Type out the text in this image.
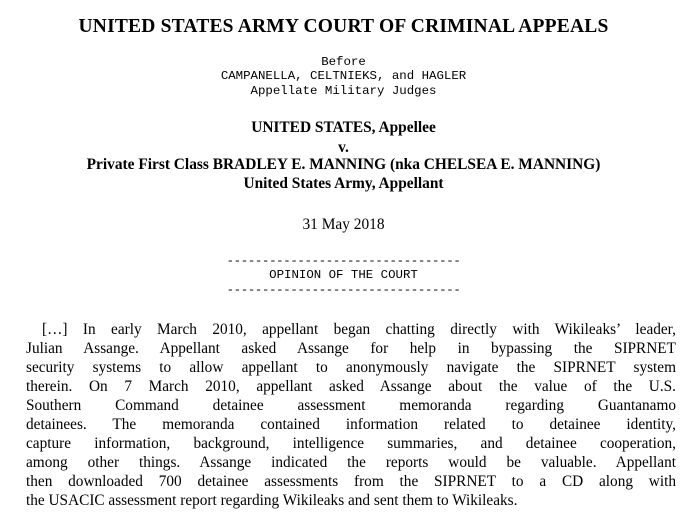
UNITED STATES ARMY COURT OF CRIMINAL APPEALS
Before
CAMPANELLA, CELTNIEKS, and HAGLER
Appellate Military Judges
UNITED STATES, Appellee
v.
Private First Class BRADLEY E. MANNING (nka CHELSEA E. MANNING)
United States Army, Appellant
31 May 2018
---------------------------------
OPINION OF THE COURT
---------------------------------
[…] In early March 2010, appellant began chatting directly with Wikileaks’ leader,
Julian Assange. Appellant asked Assange for help in bypassing the SIPRNET
security systems to allow appellant to anonymously navigate the SIPRNET system
therein. On 7 March 2010, appellant asked Assange about the value of the U.S.
Southern Command detainee assessment memoranda regarding Guantanamo
detainees. The memoranda contained information related to detainee identity,
capture information, background, intelligence summaries, and detainee cooperation,
among other things. Assange indicated the reports would be valuable. Appellant
then downloaded 700 detainee assessments from the SIPRNET to a CD along with
the USACIC assessment report regarding Wikileaks and sent them to Wikileaks.
